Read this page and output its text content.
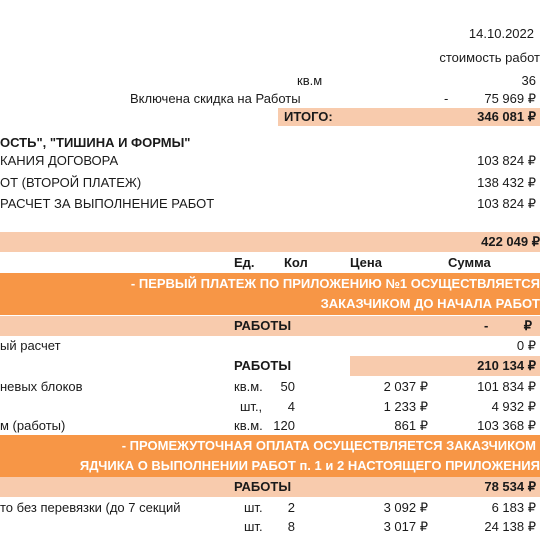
14.10.2022
стоимость работ
кв.м	36
Включена скидка на Работы	-	75 969 ₽
ИТОГО:	346 081 ₽
ОСТЬ", "ТИШИНА И ФОРМЫ"
КАНИЯ ДОГОВОРА	103 824 ₽
ОТ (ВТОРОЙ ПЛАТЕЖ)	138 432 ₽
РАСЧЕТ ЗА ВЫПОЛНЕНИЕ РАБОТ	103 824 ₽
422 049 ₽
Ед. Кол	Цена	Сумма
- ПЕРВЫЙ ПЛАТЕЖ ПО ПРИЛОЖЕНИЮ №1 ОСУЩЕСТВЛЯЕТСЯ
ЗАКАЗЧИКОМ ДО НАЧАЛА РАБОТ
РАБОТЫ	-	₽
ый расчет	0 ₽
РАБОТЫ	210 134 ₽
невых блоков	кв.м. 50	2 037 ₽	101 834 ₽
шт., 4	1 233 ₽	4 932 ₽
м (работы)	кв.м. 120	861 ₽	103 368 ₽
- ПРОМЕЖУТОЧНАЯ ОПЛАТА ОСУЩЕСТВЛЯЕТСЯ ЗАКАЗЧИКОМ
ЯДЧИКА О ВЫПОЛНЕНИИ РАБОТ п. 1 и 2 НАСТОЯЩЕГО ПРИЛОЖЕНИЯ
РАБОТЫ	78 534 ₽
то без перевязки (до 7 секций	шт. 2	3 092 ₽	6 183 ₽
шт. 8	3 017 ₽	24 138 ₽
